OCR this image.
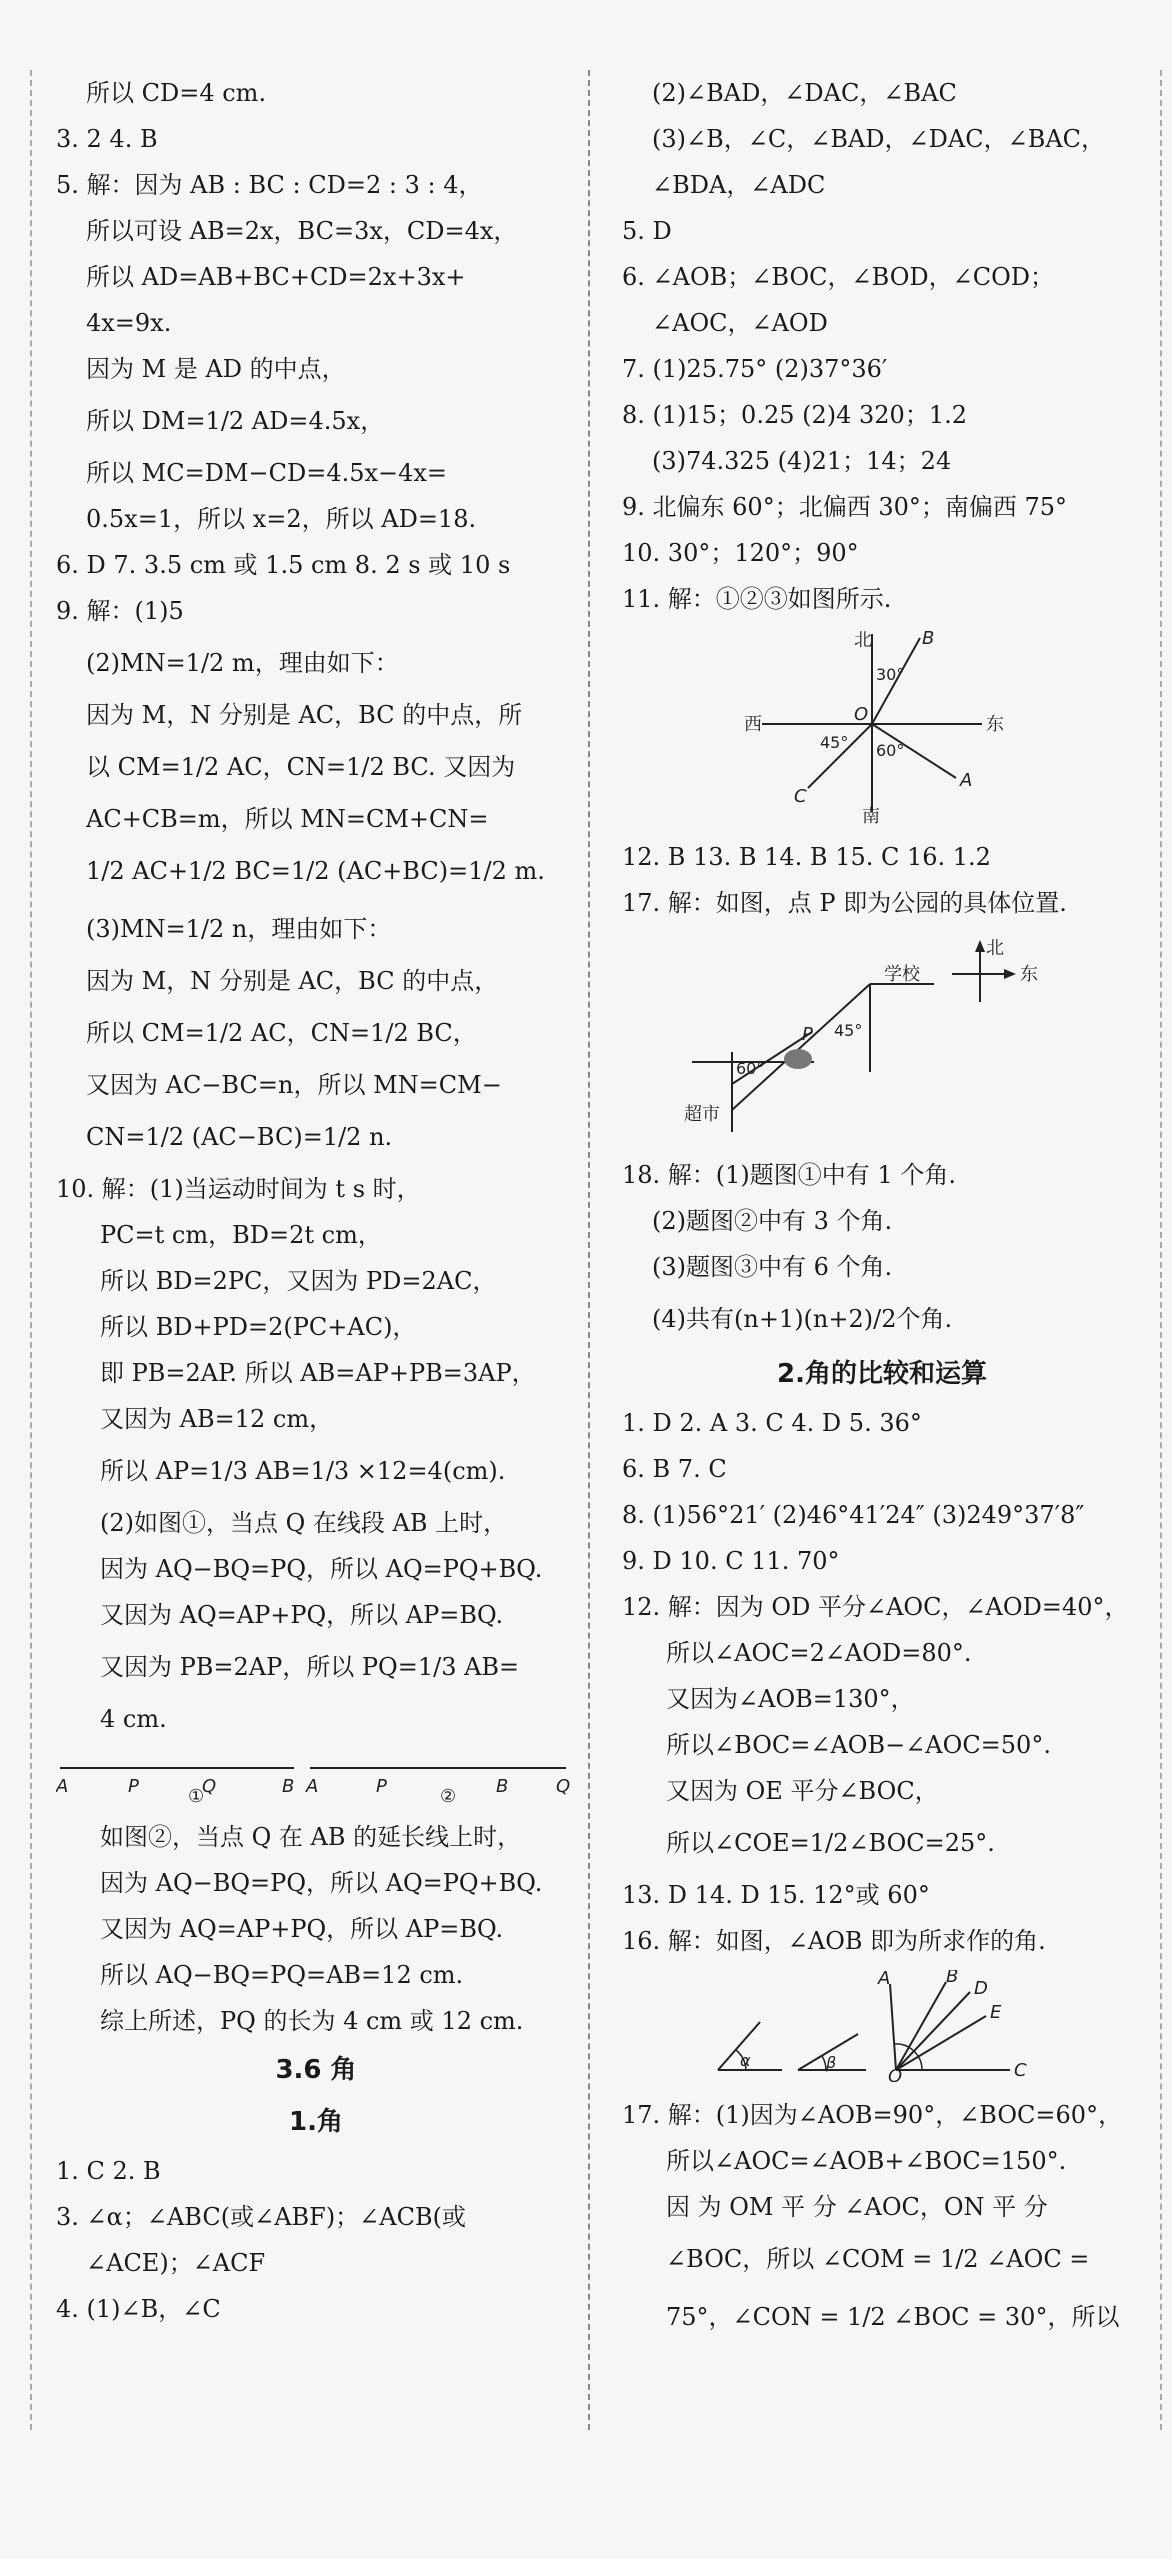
所以 CD=4 cm.
3. 2 4. B
5. 解：因为 AB : BC : CD=2 : 3 : 4，
所以可设 AB=2x，BC=3x，CD=4x，
所以 AD=AB+BC+CD=2x+3x+
4x=9x.
因为 M 是 AD 的中点，
所以 DM=1/2 AD=4.5x，
所以 MC=DM−CD=4.5x−4x=
0.5x=1，所以 x=2，所以 AD=18.
6. D 7. 3.5 cm 或 1.5 cm 8. 2 s 或 10 s
9. 解：(1)5
(2)MN=1/2 m，理由如下：
因为 M，N 分别是 AC，BC 的中点，所
以 CM=1/2 AC，CN=1/2 BC. 又因为
AC+CB=m，所以 MN=CM+CN=
1/2 AC+1/2 BC=1/2 (AC+BC)=1/2 m.
(3)MN=1/2 n，理由如下：
因为 M，N 分别是 AC，BC 的中点，
所以 CM=1/2 AC，CN=1/2 BC，
又因为 AC−BC=n，所以 MN=CM−
CN=1/2 (AC−BC)=1/2 n.
10. 解：(1)当运动时间为 t s 时，
PC=t cm，BD=2t cm，
所以 BD=2PC，又因为 PD=2AC，
所以 BD+PD=2(PC+AC)，
即 PB=2AP. 所以 AB=AP+PB=3AP，
又因为 AB=12 cm，
所以 AP=1/3 AB=1/3 ×12=4(cm).
(2)如图①，当点 Q 在线段 AB 上时，
因为 AQ−BQ=PQ，所以 AQ=PQ+BQ.
又因为 AQ=AP+PQ，所以 AP=BQ.
又因为 PB=2AP，所以 PQ=1/3 AB=
4 cm.
A	P	Q	B A	P	B	Q
①	②
如图②，当点 Q 在 AB 的延长线上时，
因为 AQ−BQ=PQ，所以 AQ=PQ+BQ.
又因为 AQ=AP+PQ，所以 AP=BQ.
所以 AQ−BQ=PQ=AB=12 cm.
综上所述，PQ 的长为 4 cm 或 12 cm.
3.6 角
1.角
1. C 2. B
3. ∠α；∠ABC(或∠ABF)；∠ACB(或
∠ACE)；∠ACF
4. (1)∠B，∠C
(2)∠BAD，∠DAC，∠BAC
(3)∠B，∠C，∠BAD，∠DAC，∠BAC，
∠BDA，∠ADC
5. D
6. ∠AOB；∠BOC，∠BOD，∠COD；
∠AOC，∠AOD
7. (1)25.75° (2)37°36′
8. (1)15；0.25 (2)4 320；1.2
(3)74.325 (4)21；14；24
9. 北偏东 60°；北偏西 30°；南偏西 75°
10. 30°；120°；90°
11. 解：①②③如图所示.
北
南
西	东
30°
45° 60°
O
B
C
A
12. B 13. B 14. B 15. C 16. 1.2
17. 解：如图，点 P 即为公园的具体位置.
北
东
学校
超市
P 45°
60°
18. 解：(1)题图①中有 1 个角.
(2)题图②中有 3 个角.
(3)题图③中有 6 个角.
(4)共有(n+1)(n+2)/2个角.
2.角的比较和运算
1. D 2. A 3. C 4. D 5. 36°
6. B 7. C
8. (1)56°21′ (2)46°41′24″ (3)249°37′8″
9. D 10. C 11. 70°
12. 解：因为 OD 平分∠AOC，∠AOD=40°，
所以∠AOC=2∠AOD=80°.
又因为∠AOB=130°，
所以∠BOC=∠AOB−∠AOC=50°.
又因为 OE 平分∠BOC，
所以∠COE=1/2∠BOC=25°.
13. D 14. D 15. 12°或 60°
16. 解：如图，∠AOB 即为所求作的角.
α	β
A	B
D
E
C
O
17. 解：(1)因为∠AOB=90°，∠BOC=60°，
所以∠AOC=∠AOB+∠BOC=150°.
因 为 OM 平 分 ∠AOC，ON 平 分
∠BOC，所以 ∠COM = 1/2 ∠AOC =
75°，∠CON = 1/2 ∠BOC = 30°，所以
